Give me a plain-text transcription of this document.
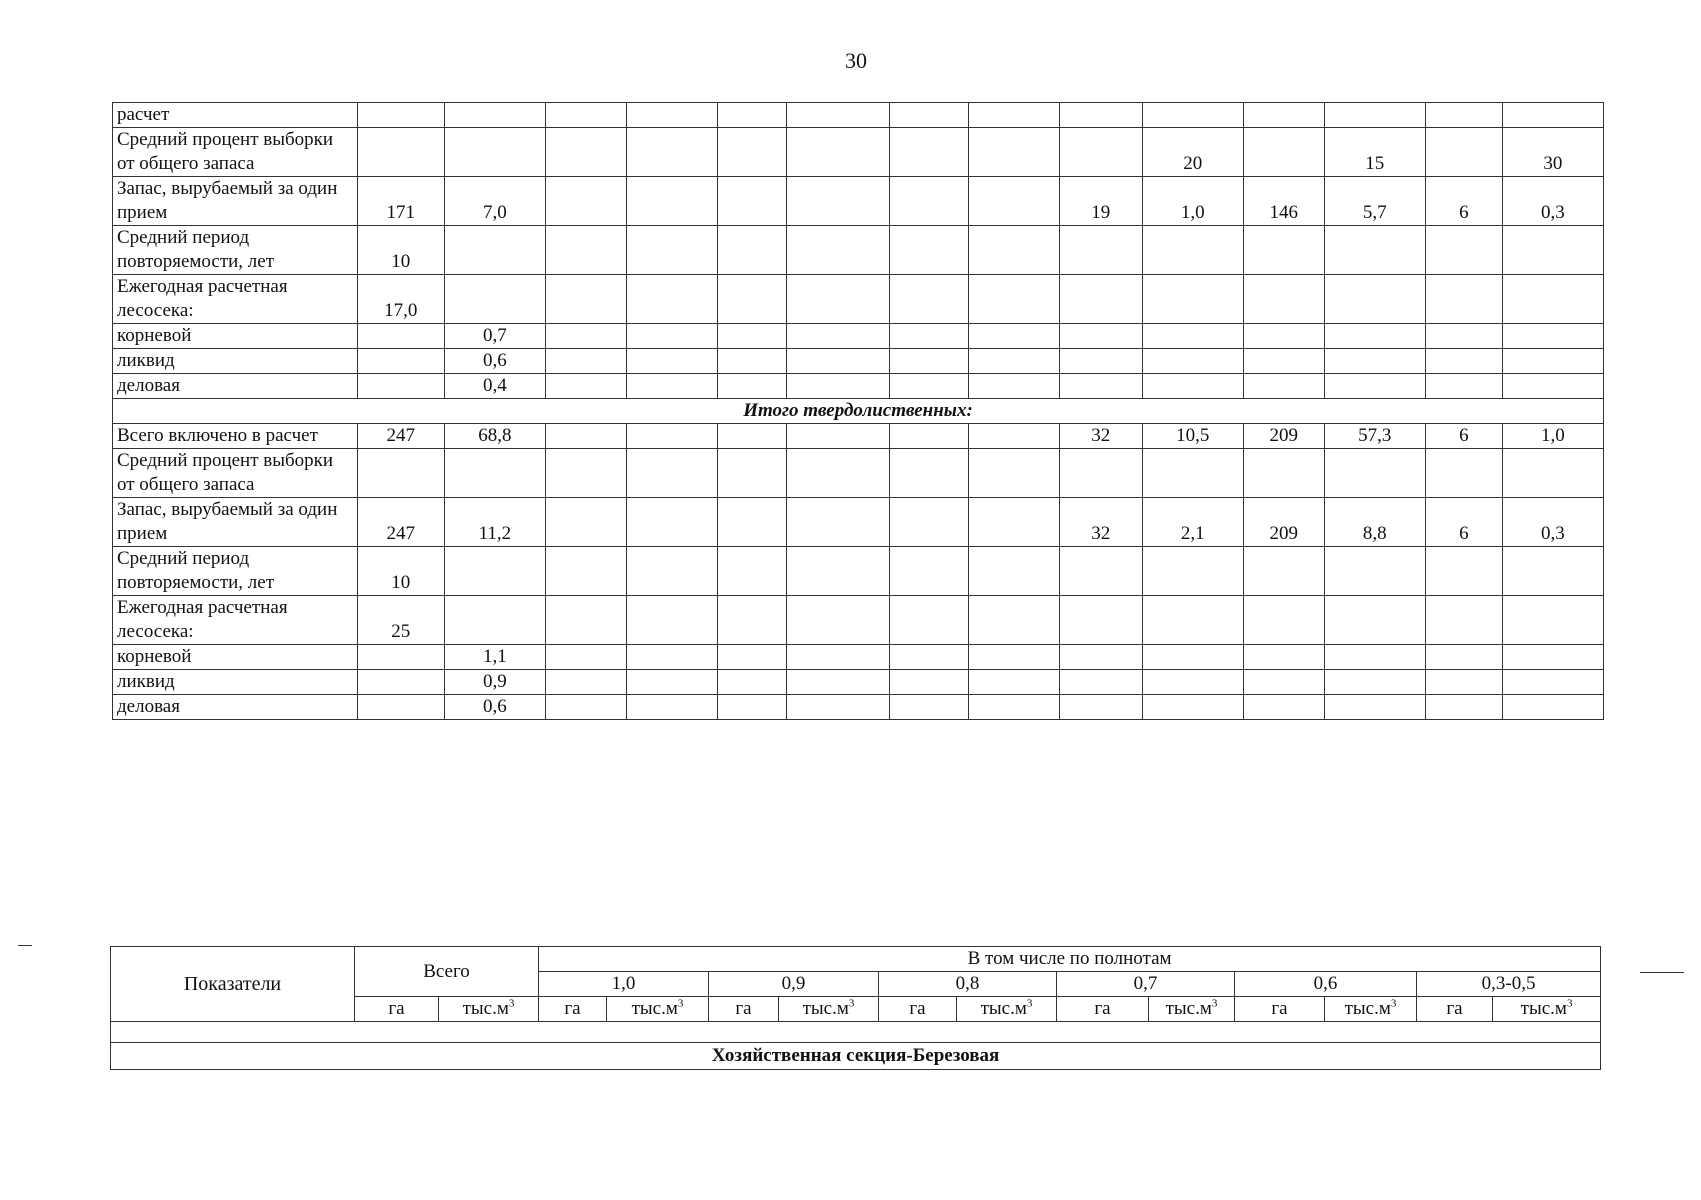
30
расчет														
Средний процент выборки от общего запаса										20		15		30
Запас, вырубаемый за один прием	171	7,0							19	1,0	146	5,7	6	0,3
Средний период повторяемости, лет	10													
Ежегодная расчетная лесосека:	17,0													
корневой		0,7												
ликвид		0,6												
деловая		0,4												
Итого твердолиственных:														
Всего включено в расчет	247	68,8							32	10,5	209	57,3	6	1,0
Средний процент выборки от общего запаса														
Запас, вырубаемый за один прием	247	11,2							32	2,1	209	8,8	6	0,3
Средний период повторяемости, лет	10													
Ежегодная расчетная лесосека:	25													
корневой		1,1												
ликвид		0,9												
деловая		0,6												
Показатели	Всего		В том числе по полнотам											
			1,0		0,9		0,8		0,7		0,6		0,3-0,5	
	га	$тыс.м^3$	га	$тыс.м^3$	га	$тыс.м^3$	га	$тыс.м^3$	га	$тыс.м^3$	га	$тыс.м^3$	га	$тыс.м^3$

Хозяйственная секция-Березовая														
